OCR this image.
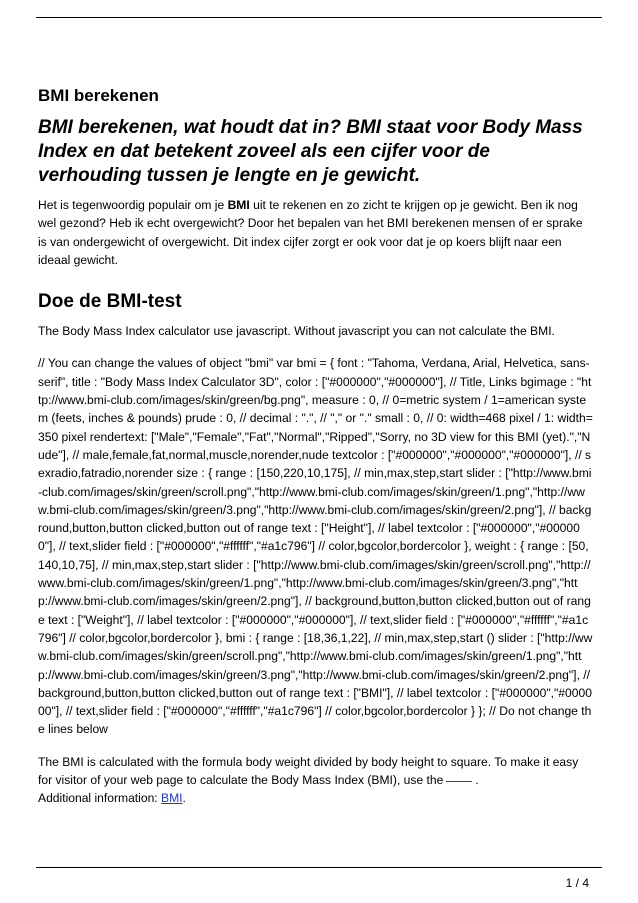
BMI berekenen

BMI berekenen, wat houdt dat in? BMI staat voor Body Mass Index en dat betekent zoveel als een cijfer voor de verhouding tussen je lengte en je gewicht.

Het is tegenwoordig populair om je BMI uit te rekenen en zo zicht te krijgen op je gewicht. Ben ik nog wel gezond? Heb ik echt overgewicht? Door het bepalen van het BMI berekenen mensen of er sprake is van ondergewicht of overgewicht. Dit index cijfer zorgt er ook voor dat je op koers blijft naar een ideaal gewicht.

Doe de BMI-test

The Body Mass Index calculator use javascript. Without javascript you can not calculate the BMI.

// You can change the values of object "bmi" var bmi = { font : "Tahoma, Verdana, Arial, Helvetica, sans-serif", title : "Body Mass Index Calculator 3D", color : ["#000000","#000000"], // Title, Links bgimage : "http://www.bmi-club.com/images/skin/green/bg.png", measure : 0, // 0=metric system / 1=american system (feets, inches & pounds) prude : 0, // decimal : ".", // "," or "." small : 0, // 0: width=468 pixel / 1: width=350 pixel rendertext: ["Male","Female","Fat","Normal","Ripped","Sorry, no 3D view for this BMI (yet).","Nude"], // male,female,fat,normal,muscle,norender,nude textcolor : ["#000000","#000000","#000000"], // sexradio,fatradio,norender size : { range : [150,220,10,175], // min,max,step,start slider : ["http://www.bmi-club.com/images/skin/green/scroll.png","http://www.bmi-club.com/images/skin/green/1.png","http://www.bmi-club.com/images/skin/green/3.png","http://www.bmi-club.com/images/skin/green/2.png"], // background,button,button clicked,button out of range text : ["Height"], // label textcolor : ["#000000","#000000"], // text,slider field : ["#000000","#ffffff","#a1c796"] // color,bgcolor,bordercolor }, weight : { range : [50,140,10,75], // min,max,step,start slider : ["http://www.bmi-club.com/images/skin/green/scroll.png","http://www.bmi-club.com/images/skin/green/1.png","http://www.bmi-club.com/images/skin/green/3.png","http://www.bmi-club.com/images/skin/green/2.png"], // background,button,button clicked,button out of range text : ["Weight"], // label textcolor : ["#000000","#000000"], // text,slider field : ["#000000","#ffffff","#a1c796"] // color,bgcolor,bordercolor }, bmi : { range : [18,36,1,22], // min,max,step,start () slider : ["http://www.bmi-club.com/images/skin/green/scroll.png","http://www.bmi-club.com/images/skin/green/1.png","http://www.bmi-club.com/images/skin/green/3.png","http://www.bmi-club.com/images/skin/green/2.png"], // background,button,button clicked,button out of range text : ["BMI"], // label textcolor : ["#000000","#000000"], // text,slider field : ["#000000","#ffffff","#a1c796"] // color,bgcolor,bordercolor } }; // Do not change the lines below

The BMI is calculated with the formula body weight divided by body height to square. To make it easy for visitor of your web page to calculate the Body Mass Index (BMI), use the	.
Additional information: BMI.

1 / 4
